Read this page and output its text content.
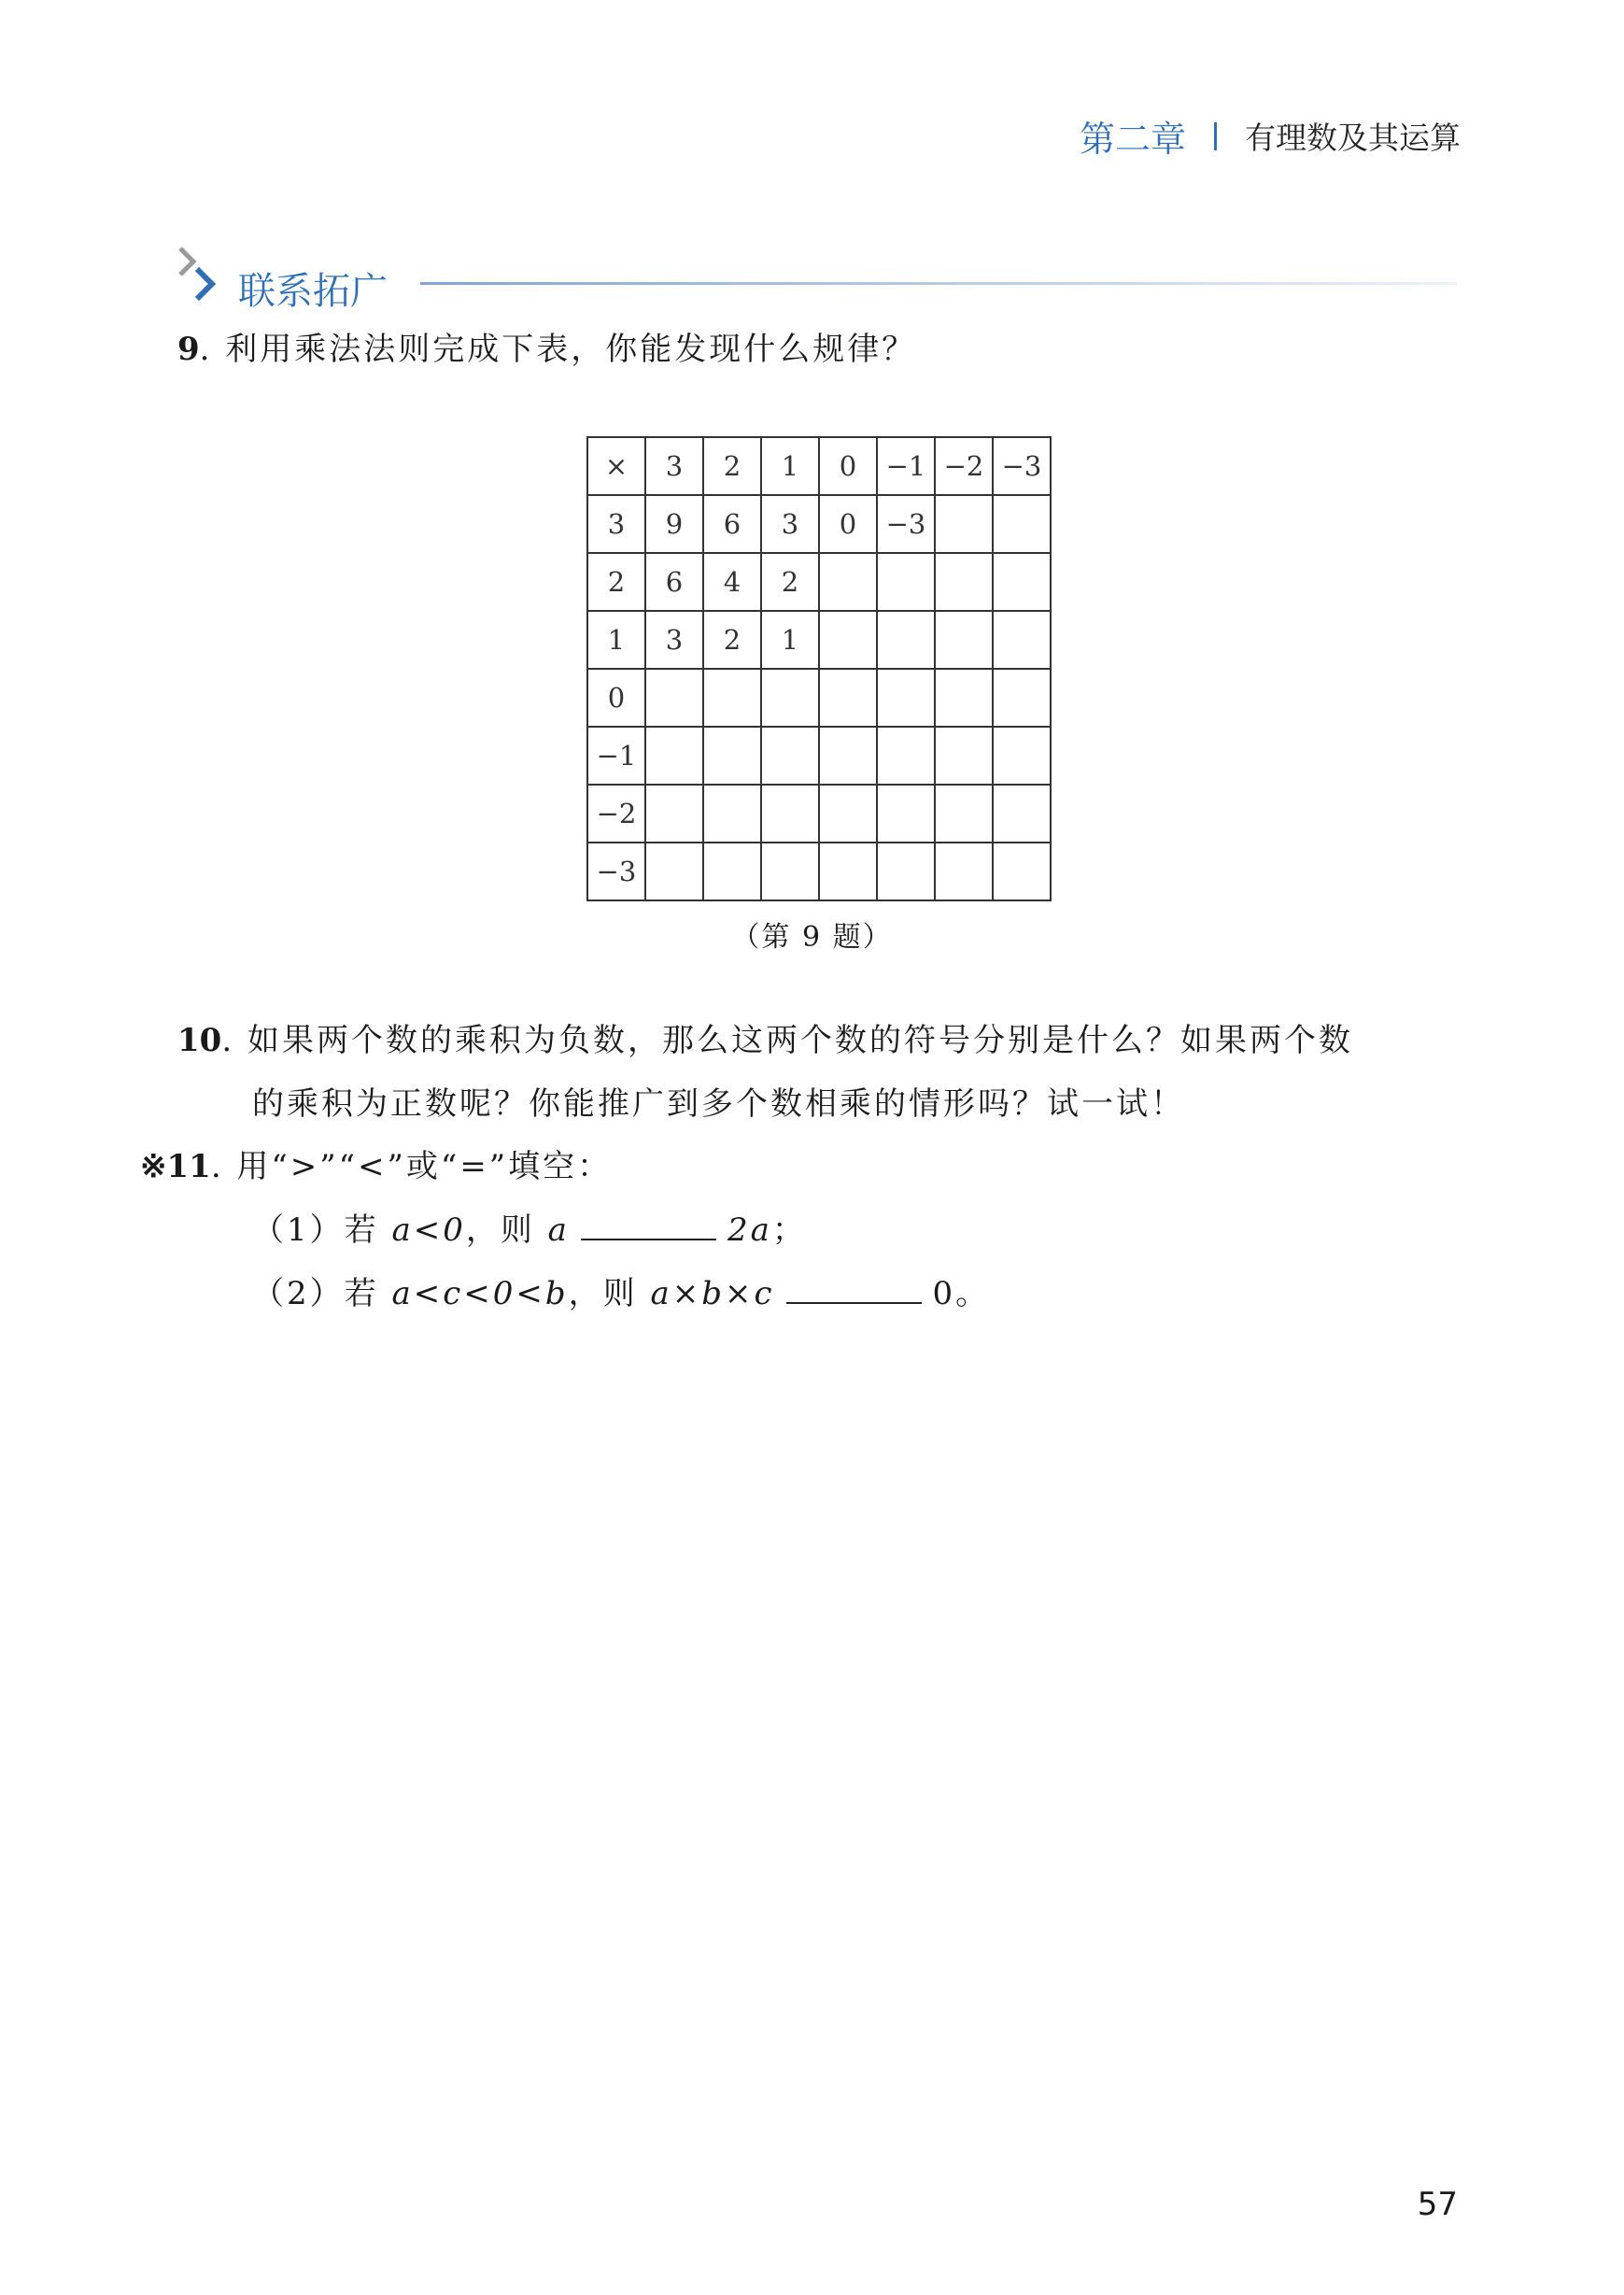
第二章 有理数及其运算
联系拓广
9. 利用乘法法则完成下表，你能发现什么规律？
×	3	2	1	0	−1	−2	−3
3	9	6	3	0	−3		
2	6	4	2				
1	3	2	1				
0							
−1							
−2							
−3							
（第 9 题）
10. 如果两个数的乘积为负数，那么这两个数的符号分别是什么？如果两个数
的乘积为正数呢？你能推广到多个数相乘的情形吗？试一试！
※11. 用“>”“<”或“=”填空：
（1）若 a<0，则 a	2a；
（2）若 a<c<0<b，则 a×b×c	0。
57
